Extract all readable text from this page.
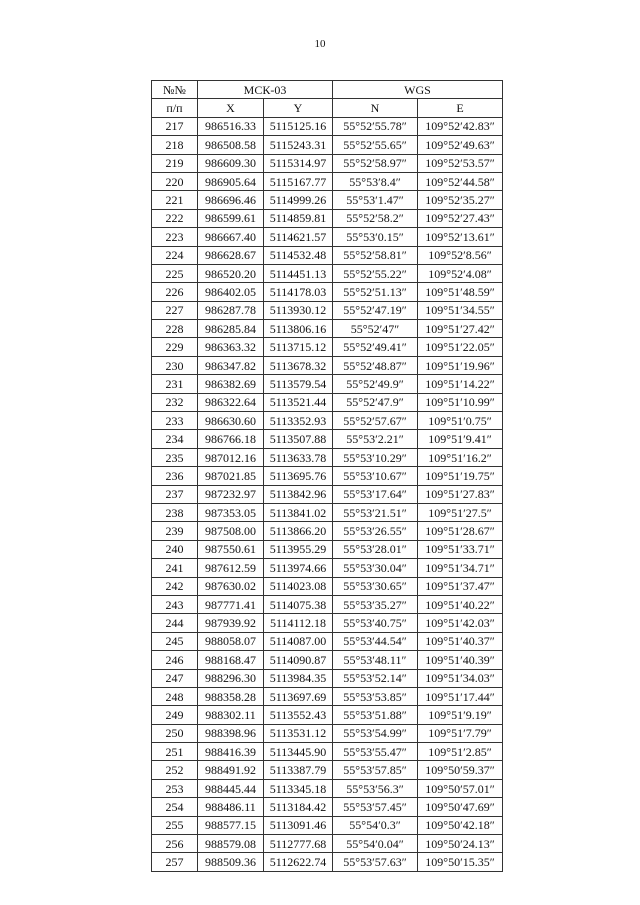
10
№№	МСК-03		WGS	
п/п	X	Y	N	E
217	986516.33	5115125.16	55°52′55.78″	109°52′42.83″
218	986508.58	5115243.31	55°52′55.65″	109°52′49.63″
219	986609.30	5115314.97	55°52′58.97″	109°52′53.57″
220	986905.64	5115167.77	55°53′8.4″	109°52′44.58″
221	986696.46	5114999.26	55°53′1.47″	109°52′35.27″
222	986599.61	5114859.81	55°52′58.2″	109°52′27.43″
223	986667.40	5114621.57	55°53′0.15″	109°52′13.61″
224	986628.67	5114532.48	55°52′58.81″	109°52′8.56″
225	986520.20	5114451.13	55°52′55.22″	109°52′4.08″
226	986402.05	5114178.03	55°52′51.13″	109°51′48.59″
227	986287.78	5113930.12	55°52′47.19″	109°51′34.55″
228	986285.84	5113806.16	55°52′47″	109°51′27.42″
229	986363.32	5113715.12	55°52′49.41″	109°51′22.05″
230	986347.82	5113678.32	55°52′48.87″	109°51′19.96″
231	986382.69	5113579.54	55°52′49.9″	109°51′14.22″
232	986322.64	5113521.44	55°52′47.9″	109°51′10.99″
233	986630.60	5113352.93	55°52′57.67″	109°51′0.75″
234	986766.18	5113507.88	55°53′2.21″	109°51′9.41″
235	987012.16	5113633.78	55°53′10.29″	109°51′16.2″
236	987021.85	5113695.76	55°53′10.67″	109°51′19.75″
237	987232.97	5113842.96	55°53′17.64″	109°51′27.83″
238	987353.05	5113841.02	55°53′21.51″	109°51′27.5″
239	987508.00	5113866.20	55°53′26.55″	109°51′28.67″
240	987550.61	5113955.29	55°53′28.01″	109°51′33.71″
241	987612.59	5113974.66	55°53′30.04″	109°51′34.71″
242	987630.02	5114023.08	55°53′30.65″	109°51′37.47″
243	987771.41	5114075.38	55°53′35.27″	109°51′40.22″
244	987939.92	5114112.18	55°53′40.75″	109°51′42.03″
245	988058.07	5114087.00	55°53′44.54″	109°51′40.37″
246	988168.47	5114090.87	55°53′48.11″	109°51′40.39″
247	988296.30	5113984.35	55°53′52.14″	109°51′34.03″
248	988358.28	5113697.69	55°53′53.85″	109°51′17.44″
249	988302.11	5113552.43	55°53′51.88″	109°51′9.19″
250	988398.96	5113531.12	55°53′54.99″	109°51′7.79″
251	988416.39	5113445.90	55°53′55.47″	109°51′2.85″
252	988491.92	5113387.79	55°53′57.85″	109°50′59.37″
253	988445.44	5113345.18	55°53′56.3″	109°50′57.01″
254	988486.11	5113184.42	55°53′57.45″	109°50′47.69″
255	988577.15	5113091.46	55°54′0.3″	109°50′42.18″
256	988579.08	5112777.68	55°54′0.04″	109°50′24.13″
257	988509.36	5112622.74	55°53′57.63″	109°50′15.35″
